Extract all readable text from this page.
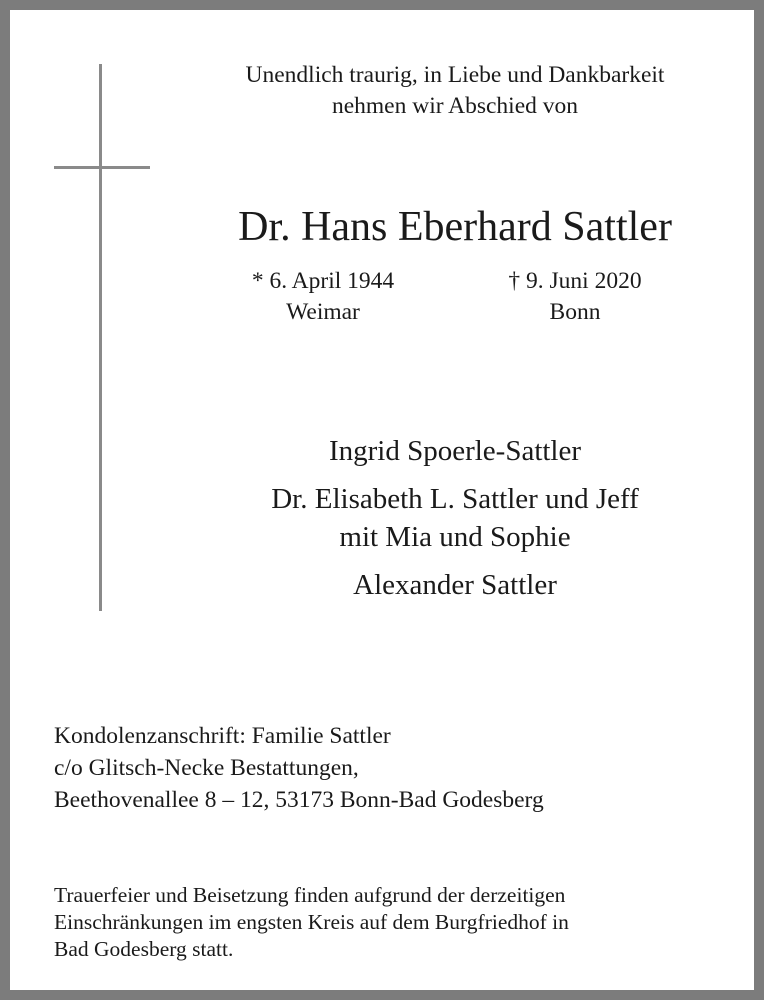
Unendlich traurig, in Liebe und Dankbarkeit
nehmen wir Abschied von
Dr. Hans Eberhard Sattler
* 6. April 1944
Weimar
† 9. Juni 2020
Bonn
Ingrid Spoerle-Sattler
Dr. Elisabeth L. Sattler und Jeff
mit Mia und Sophie
Alexander Sattler
Kondolenzanschrift: Familie Sattler
c/o Glitsch-Necke Bestattungen,
Beethovenallee 8 – 12, 53173 Bonn-Bad Godesberg
Trauerfeier und Beisetzung finden aufgrund der derzeitigen
Einschränkungen im engsten Kreis auf dem Burgfriedhof in
Bad Godesberg statt.
